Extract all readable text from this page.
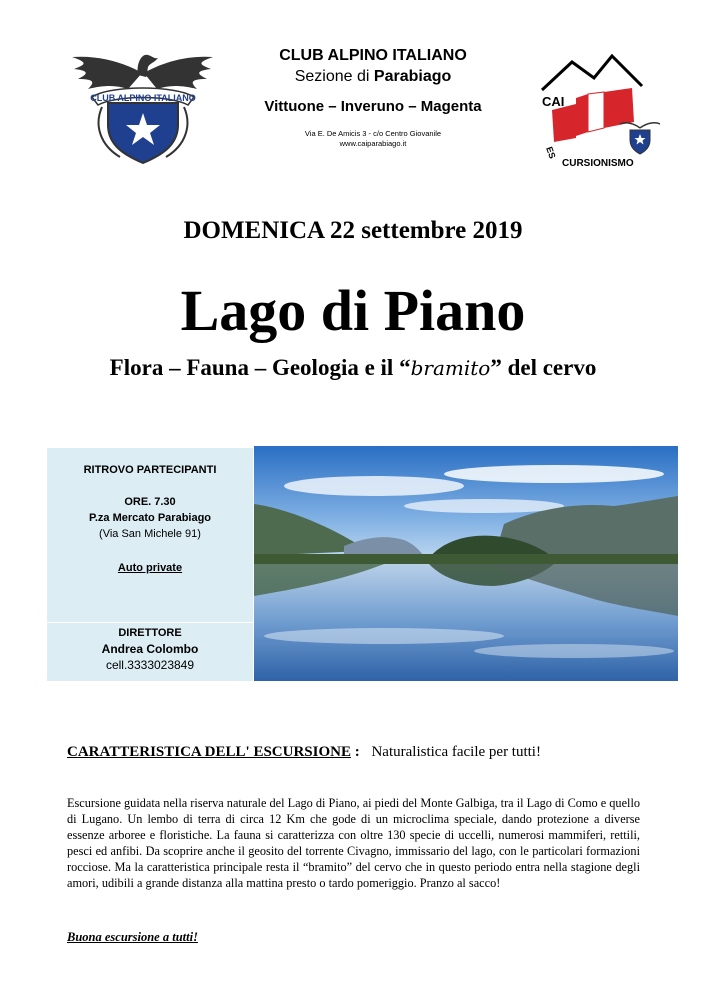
CLUB ALPINO ITALIANO
CLUB ALPINO ITALIANO
Sezione di Parabiago
Vittuone – Inveruno – Magenta
Via E. De Amicis 3 - c/o Centro Giovanile
www.caiparabiago.it
CAI
ES
CURSIONISMO
DOMENICA 22 settembre 2019
Lago di Piano
Flora – Fauna – Geologia e il “bramito” del cervo
RITROVO PARTECIPANTI
ORE. 7.30
P.za Mercato Parabiago
(Via San Michele 91)
Auto private
DIRETTORE
Andrea Colombo
cell.3333023849
CARATTERISTICA DELL' ESCURSIONE : Naturalistica facile per tutti!
Escursione guidata nella riserva naturale del Lago di Piano, ai piedi del Monte Galbiga, tra il Lago di Como e quello di Lugano. Un lembo di terra di circa 12 Km che gode di un microclima speciale, dando protezione a diverse essenze arboree e floristiche. La fauna si caratterizza con oltre 130 specie di uccelli, numerosi mammiferi, rettili, pesci ed anfibi. Da scoprire anche il geosito del torrente Civagno, immissario del lago, con le particolari formazioni rocciose. Ma la caratteristica principale resta il “bramito” del cervo che in questo periodo entra nella stagione degli amori, udibili a grande distanza alla mattina presto o tardo pomeriggio. Pranzo al sacco!
Buona escursione a tutti!
